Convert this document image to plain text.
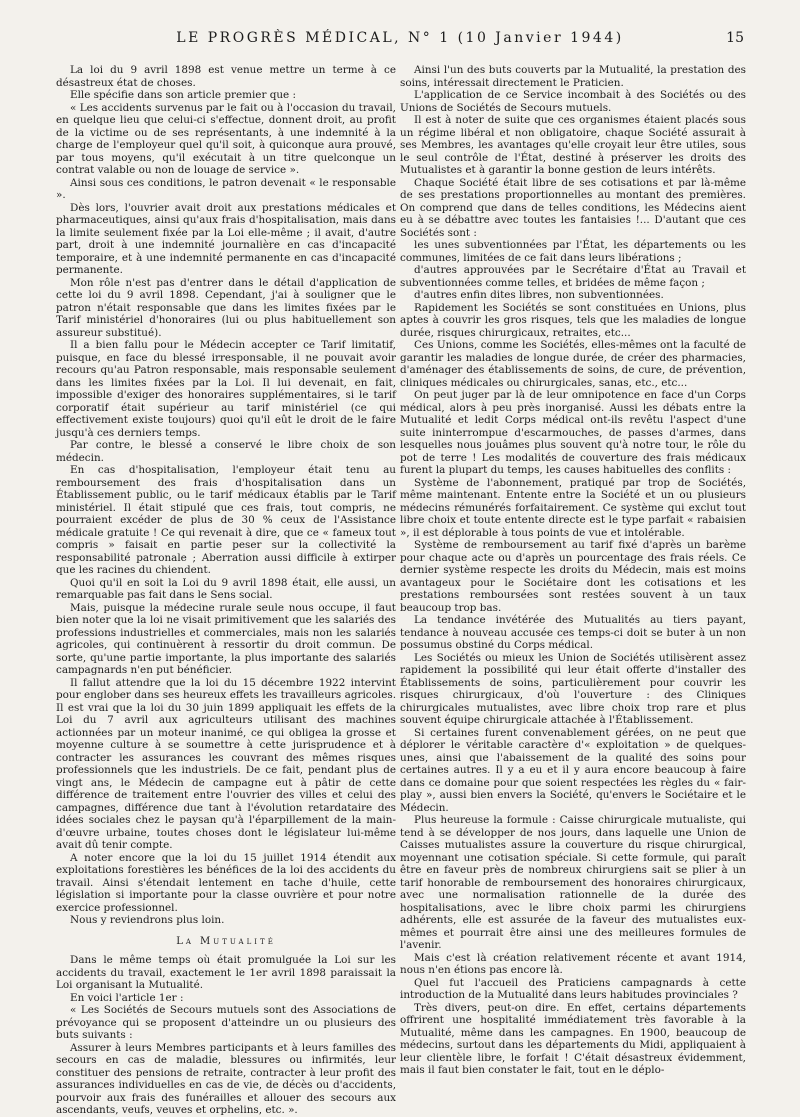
LE PROGRÈS MÉDICAL, N° 1 (10 Janvier 1944)	15

La loi du 9 avril 1898 est venue mettre un terme à ce désastreux état de choses.

Elle spécifie dans son article premier que :

« Les accidents survenus par le fait ou à l'occasion du travail, en quelque lieu que celui-ci s'effectue, donnent droit, au profit de la victime ou de ses représentants, à une indemnité à la charge de l'employeur quel qu'il soit, à quiconque aura prouvé, par tous moyens, qu'il exécutait à un titre quelconque un contrat valable ou non de louage de service ».

Ainsi sous ces conditions, le patron devenait « le responsable ».

Dès lors, l'ouvrier avait droit aux prestations médicales et pharmaceutiques, ainsi qu'aux frais d'hospitalisation, mais dans la limite seulement fixée par la Loi elle-même ; il avait, d'autre part, droit à une indemnité journalière en cas d'incapacité temporaire, et à une indemnité permanente en cas d'incapacité permanente.

Mon rôle n'est pas d'entrer dans le détail d'application de cette loi du 9 avril 1898. Cependant, j'ai à souligner que le patron n'était responsable que dans les limites fixées par le Tarif ministériel d'honoraires (lui ou plus habituellement son assureur substitué).

Il a bien fallu pour le Médecin accepter ce Tarif limitatif, puisque, en face du blessé irresponsable, il ne pouvait avoir recours qu'au Patron responsable, mais responsable seulement dans les limites fixées par la Loi. Il lui devenait, en fait, impossible d'exiger des honoraires supplémentaires, si le tarif corporatif était supérieur au tarif ministériel (ce qui effectivement existe toujours) quoi qu'il eût le droit de le faire jusqu'à ces derniers temps.

Par contre, le blessé a conservé le libre choix de son médecin.

En cas d'hospitalisation, l'employeur était tenu au remboursement des frais d'hospitalisation dans un Établissement public, ou le tarif médicaux établis par le Tarif ministériel. Il était stipulé que ces frais, tout compris, ne pourraient excéder de plus de 30 % ceux de l'Assistance médicale gratuite ! Ce qui revenait à dire, que ce « fameux tout compris » faisait en partie peser sur la collectivité la responsabilité patronale ; Aberration aussi difficile à extirper que les racines du chiendent.

Quoi qu'il en soit la Loi du 9 avril 1898 était, elle aussi, un remarquable pas fait dans le Sens social.

Mais, puisque la médecine rurale seule nous occupe, il faut bien noter que la loi ne visait primitivement que les salariés des professions industrielles et commerciales, mais non les salariés agricoles, qui continuèrent à ressortir du droit commun. De sorte, qu'une partie importante, la plus importante des salariés campagnards n'en put bénéficier.

Il fallut attendre que la loi du 15 décembre 1922 intervint pour englober dans ses heureux effets les travailleurs agricoles. Il est vrai que la loi du 30 juin 1899 appliquait les effets de la Loi du 7 avril aux agriculteurs utilisant des machines actionnées par un moteur inanimé, ce qui obligea la grosse et moyenne culture à se soumettre à cette jurisprudence et à contracter les assurances les couvrant des mêmes risques professionnels que les industriels. De ce fait, pendant plus de vingt ans, le Médecin de campagne eut à pâtir de cette différence de traitement entre l'ouvrier des villes et celui des campagnes, différence due tant à l'évolution retardataire des idées sociales chez le paysan qu'à l'éparpillement de la main-d'œuvre urbaine, toutes choses dont le législateur lui-même avait dû tenir compte.

A noter encore que la loi du 15 juillet 1914 étendit aux exploitations forestières les bénéfices de la loi des accidents du travail. Ainsi s'étendait lentement en tache d'huile, cette législation si importante pour la classe ouvrière et pour notre exercice professionnel.

Nous y reviendrons plus loin.

La Mutualité

Dans le même temps où était promulguée la Loi sur les accidents du travail, exactement le 1er avril 1898 paraissait la Loi organisant la Mutualité.

En voici l'article 1er :

« Les Sociétés de Secours mutuels sont des Associations de prévoyance qui se proposent d'atteindre un ou plusieurs des buts suivants :

Assurer à leurs Membres participants et à leurs familles des secours en cas de maladie, blessures ou infirmités, leur constituer des pensions de retraite, contracter à leur profit des assurances individuelles en cas de vie, de décès ou d'accidents, pourvoir aux frais des funérailles et allouer des secours aux ascendants, veufs, veuves et orphelins, etc. ».

Ainsi l'un des buts couverts par la Mutualité, la prestation des soins, intéressait directement le Praticien.

L'application de ce Service incombait à des Sociétés ou des Unions de Sociétés de Secours mutuels.

Il est à noter de suite que ces organismes étaient placés sous un régime libéral et non obligatoire, chaque Société assurait à ses Membres, les avantages qu'elle croyait leur être utiles, sous le seul contrôle de l'État, destiné à préserver les droits des Mutualistes et à garantir la bonne gestion de leurs intérêts.

Chaque Société était libre de ses cotisations et par là-même de ses prestations proportionnelles au montant des premières. On comprend que dans de telles conditions, les Médecins aient eu à se débattre avec toutes les fantaisies !... D'autant que ces Sociétés sont :

les unes subventionnées par l'État, les départements ou les communes, limitées de ce fait dans leurs libérations ;

d'autres approuvées par le Secrétaire d'État au Travail et subventionnées comme telles, et bridées de même façon ;

d'autres enfin dites libres, non subventionnées.

Rapidement les Sociétés se sont constituées en Unions, plus aptes à couvrir les gros risques, tels que les maladies de longue durée, risques chirurgicaux, retraites, etc...

Ces Unions, comme les Sociétés, elles-mêmes ont la faculté de garantir les maladies de longue durée, de créer des pharmacies, d'aménager des établissements de soins, de cure, de prévention, cliniques médicales ou chirurgicales, sanas, etc., etc...

On peut juger par là de leur omnipotence en face d'un Corps médical, alors à peu près inorganisé. Aussi les débats entre la Mutualité et ledit Corps médical ont-ils revêtu l'aspect d'une suite ininterrompue d'escarmouches, de passes d'armes, dans lesquelles nous jouâmes plus souvent qu'à notre tour, le rôle du pot de terre ! Les modalités de couverture des frais médicaux furent la plupart du temps, les causes habituelles des conflits :

Système de l'abonnement, pratiqué par trop de Sociétés, même maintenant. Entente entre la Société et un ou plusieurs médecins rémunérés forfaitairement. Ce système qui exclut tout libre choix et toute entente directe est le type parfait « rabaisien », il est déplorable à tous points de vue et intolérable.

Système de remboursement au tarif fixé d'après un barème pour chaque acte ou d'après un pourcentage des frais réels. Ce dernier système respecte les droits du Médecin, mais est moins avantageux pour le Sociétaire dont les cotisations et les prestations remboursées sont restées souvent à un taux beaucoup trop bas.

La tendance invétérée des Mutualités au tiers payant, tendance à nouveau accusée ces temps-ci doit se buter à un non possumus obstiné du Corps médical.

Les Sociétés ou mieux les Union de Sociétés utilisèrent assez rapidement la possibilité qui leur était offerte d'installer des Établissements de soins, particulièrement pour couvrir les risques chirurgicaux, d'où l'ouverture : des Cliniques chirurgicales mutualistes, avec libre choix trop rare et plus souvent équipe chirurgicale attachée à l'Établissement.

Si certaines furent convenablement gérées, on ne peut que déplorer le véritable caractère d'« exploitation » de quelques-unes, ainsi que l'abaissement de la qualité des soins pour certaines autres. Il y a eu et il y aura encore beaucoup à faire dans ce domaine pour que soient respectées les règles du « fair-play », aussi bien envers la Société, qu'envers le Sociétaire et le Médecin.

Plus heureuse la formule : Caisse chirurgicale mutualiste, qui tend à se développer de nos jours, dans laquelle une Union de Caisses mutualistes assure la couverture du risque chirurgical, moyennant une cotisation spéciale. Si cette formule, qui paraît être en faveur près de nombreux chirurgiens sait se plier à un tarif honorable de remboursement des honoraires chirurgicaux, avec une normalisation rationnelle de la durée des hospitalisations, avec le libre choix parmi les chirurgiens adhérents, elle est assurée de la faveur des mutualistes eux-mêmes et pourrait être ainsi une des meilleures formules de l'avenir.

Mais c'est là création relativement récente et avant 1914, nous n'en étions pas encore là.

Quel fut l'accueil des Praticiens campagnards à cette introduction de la Mutualité dans leurs habitudes provinciales ?

Très divers, peut-on dire. En effet, certains départements offrirent une hospitalité immédiatement très favorable à la Mutualité, même dans les campagnes. En 1900, beaucoup de médecins, surtout dans les départements du Midi, appliquaient à leur clientèle libre, le forfait ! C'était désastreux évidemment, mais il faut bien constater le fait, tout en le déplo-
